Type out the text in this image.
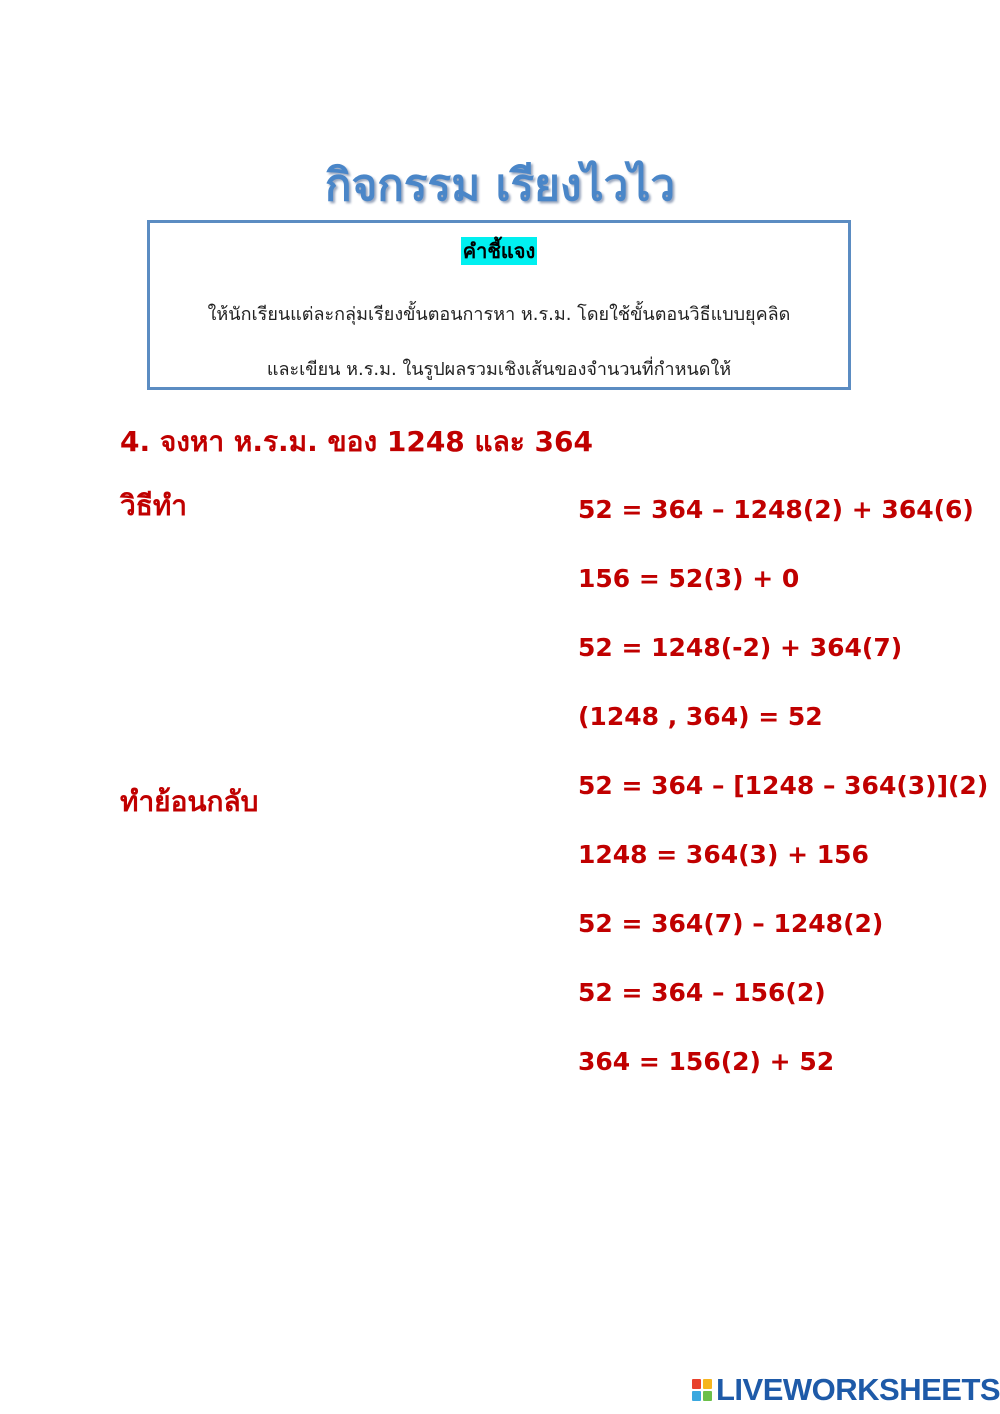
กิจกรรม เรียงไวไว
คำชี้แจง
ให้นักเรียนแต่ละกลุ่มเรียงขั้นตอนการหา ห.ร.ม. โดยใช้ขั้นตอนวิธีแบบยุคลิด
และเขียน ห.ร.ม. ในรูปผลรวมเชิงเส้นของจำนวนที่กำหนดให้
4. จงหา ห.ร.ม. ของ 1248 และ 364
วิธีทำ
ทำย้อนกลับ
52 = 364 – 1248(2) + 364(6)
156 = 52(3) + 0
52 = 1248(-2) + 364(7)
(1248 , 364) = 52
52 = 364 – [1248 – 364(3)](2)
1248 = 364(3) + 156
52 = 364(7) – 1248(2)
52 = 364 – 156(2)
364 = 156(2) + 52
LIVEWORKSHEETS
